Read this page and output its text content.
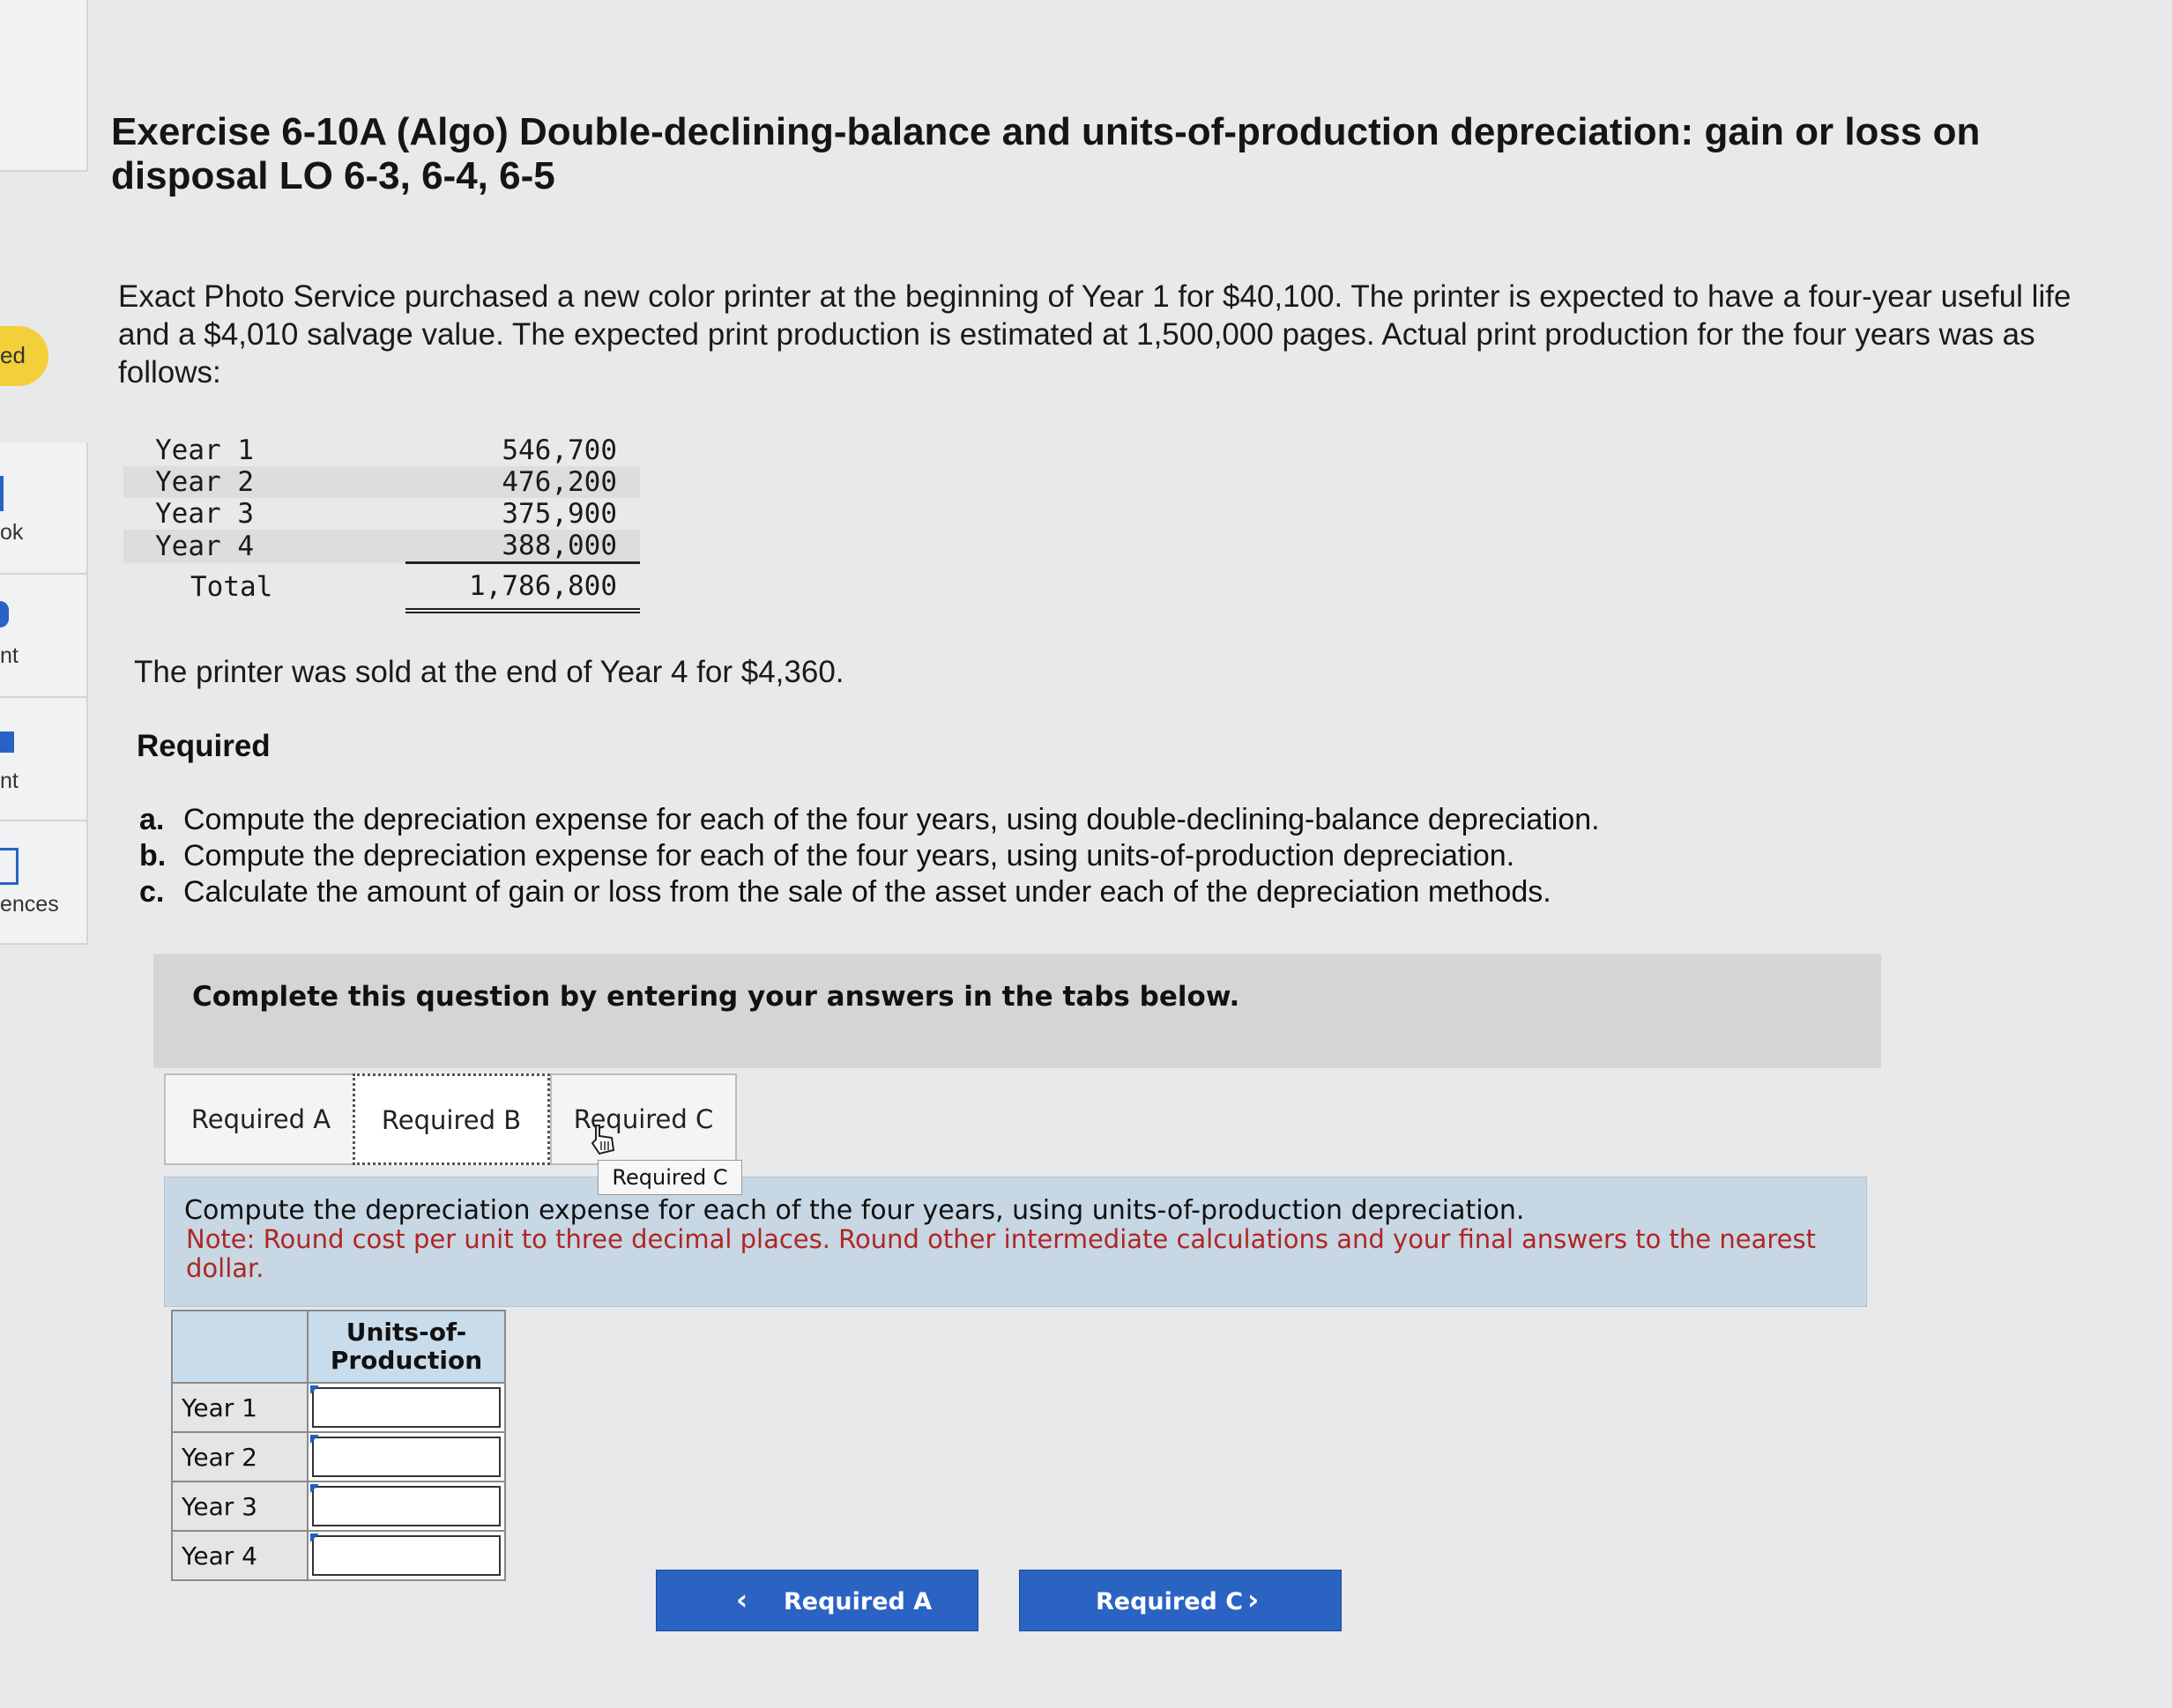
ed
ok
nt
nt
ences
Exercise 6-10A (Algo) Double-declining-balance and units-of-production depreciation: gain or loss on disposal LO 6-3, 6-4, 6-5
Exact Photo Service purchased a new color printer at the beginning of Year 1 for $40,100. The printer is expected to have a four-year useful life and a $4,010 salvage value. The expected print production is estimated at 1,500,000 pages. Actual print production for the four years was as follows:
Year 1	546,700
Year 2	476,200
Year 3	375,900
Year 4	388,000
Total	1,786,800
The printer was sold at the end of Year 4 for $4,360.
Required
a. Compute the depreciation expense for each of the four years, using double-declining-balance depreciation.
b. Compute the depreciation expense for each of the four years, using units-of-production depreciation.
c. Calculate the amount of gain or loss from the sale of the asset under each of the depreciation methods.
Complete this question by entering your answers in the tabs below.
Required A	Required B	Required C
Compute the depreciation expense for each of the four years, using units-of-production depreciation.
Note: Round cost per unit to three decimal places. Round other intermediate calculations and your final answers to the nearest dollar.
Required C
	Units-of-
Production
Year 1	

Year 2	

Year 3	

Year 4	
‹ Required A	Required C ›
